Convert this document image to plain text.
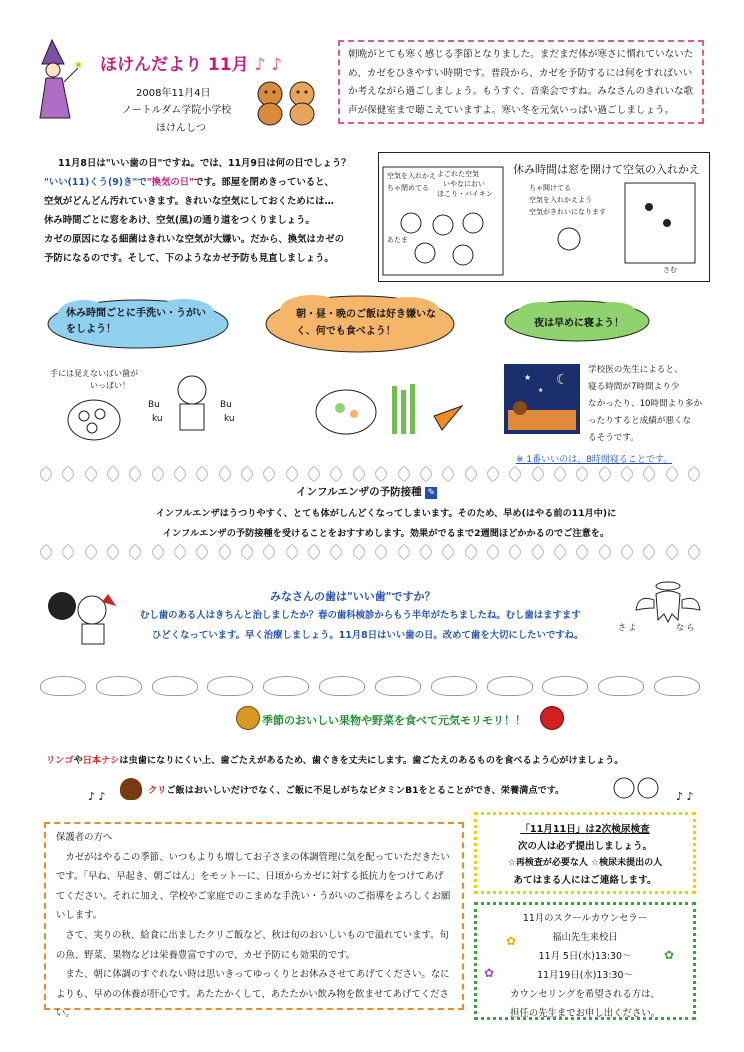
★ ほけんだより 11月 ♪ ♪
2008年11月4日
ノートルダム学院小学校
ほけんしつ

朝晩がとても寒く感じる季節となりました。まだまだ体が寒さに慣れていないため、カゼをひきやすい時期です。普段から、カゼを予防するには何をすればいいか考えながら過ごしましょう。もうすぐ、音楽会ですね。みなさんのきれいな歌声が保健室まで聴こえていますよ。寒い冬を元気いっぱい過ごしましょう。

11月8日は"いい歯の日"ですね。では、11月9日は何の日でしょう？

"いい(11)くう(9)き"で"換気の日"です。部屋を閉めきっていると、

空気がどんどん汚れていきます。きれいな空気にしておくためには…

休み時間ごとに窓をあけ、空気(風)の通り道をつくりましょう。

カゼの原因になる細菌はきれいな空気が大嫌い。だから、換気はカゼの

予防になるのです。そして、下のようなカゼ予防も見直しましょう。

休み時間は窓を開けて空気の入れかえ
空気を入れかえ
ちゃ閉めてる
よごれた空気
いやなにおい
ほこり・バイキン
ちゃ開けてる
空気を入れかえよう
空気がきれいになります
あたま
さむ
休み時間ごとに手洗い・うがいをしよう！
朝・昼・晩のご飯は好き嫌いなく、何でも食べよう！
夜は早めに寝よう！

手には見えないばい菌が

いっぱい！

Bu
ku
Bu
ku
☾
★
★

学校医の先生によると、

寝る時間が7時間より少

なかったり、10時間より多か

ったりすると成績が悪くな

るそうです。

※ 1番いいのは、8時間寝ることです。
インフルエンザの予防接種 ✎

インフルエンザはうつりやすく、とても体がしんどくなってしまいます。そのため、早め(はやる前の11月中)に

インフルエンザの予防接種を受けることをおすすめします。効果がでるまで2週間ほどかかるのでご注意を。

みなさんの歯は"いい歯"ですか？

むし歯のある人はきちんと治しましたか？春の歯科検診からもう半年がたちましたね。むし歯はますます

ひどくなっています。早く治療しましょう。11月8日はいい歯の日。改めて歯を大切にしたいですね。

さ よ	な ら
季節のおいしい果物や野菜を食べて元気モリモリ！！
リンゴや日本ナシは虫歯になりにくい上、歯ごたえがあるため、歯ぐきを丈夫にします。歯ごたえのあるものを食べるよう心がけましょう。
♪ ♪	クリご飯はおいしいだけでなく、ご飯に不足しがちなビタミンB1をとることができ、栄養満点です。	♪ ♪

保護者の方へ

カゼがはやるこの季節、いつもよりも増してお子さまの体調管理に気を配っていただきたいです。「早ね、早起き、朝ごはん」をモットーに、日頃からカゼに対する抵抗力をつけてあげてください。それに加え、学校やご家庭でのこまめな手洗い・うがいのご指導をよろしくお願いします。

さて、実りの秋、給食に出ましたクリご飯など、秋は旬のおいしいもので溢れています。旬の魚、野菜、果物などは栄養豊富ですので、カゼ予防にも効果的です。

また、朝に体調のすぐれない時は思いきってゆっくりとお休みさせてあげてください。なによりも、早めの休養が肝心です。あたたかくして、あたたかい飲み物を飲ませてあげてください。

「11月11日」は2次検尿検査

次の人は必ず提出しましょう。

☆再検査が必要な人 ☆検尿未提出の人

あてはまる人にはご連絡します。

11月のスクールカウンセラー

福山先生来校日

11月 5日(水)13:30～

11月19日(水)13:30～

カウンセリングを希望される方は、

担任の先生までお申し出ください。

✿
✿
✿
